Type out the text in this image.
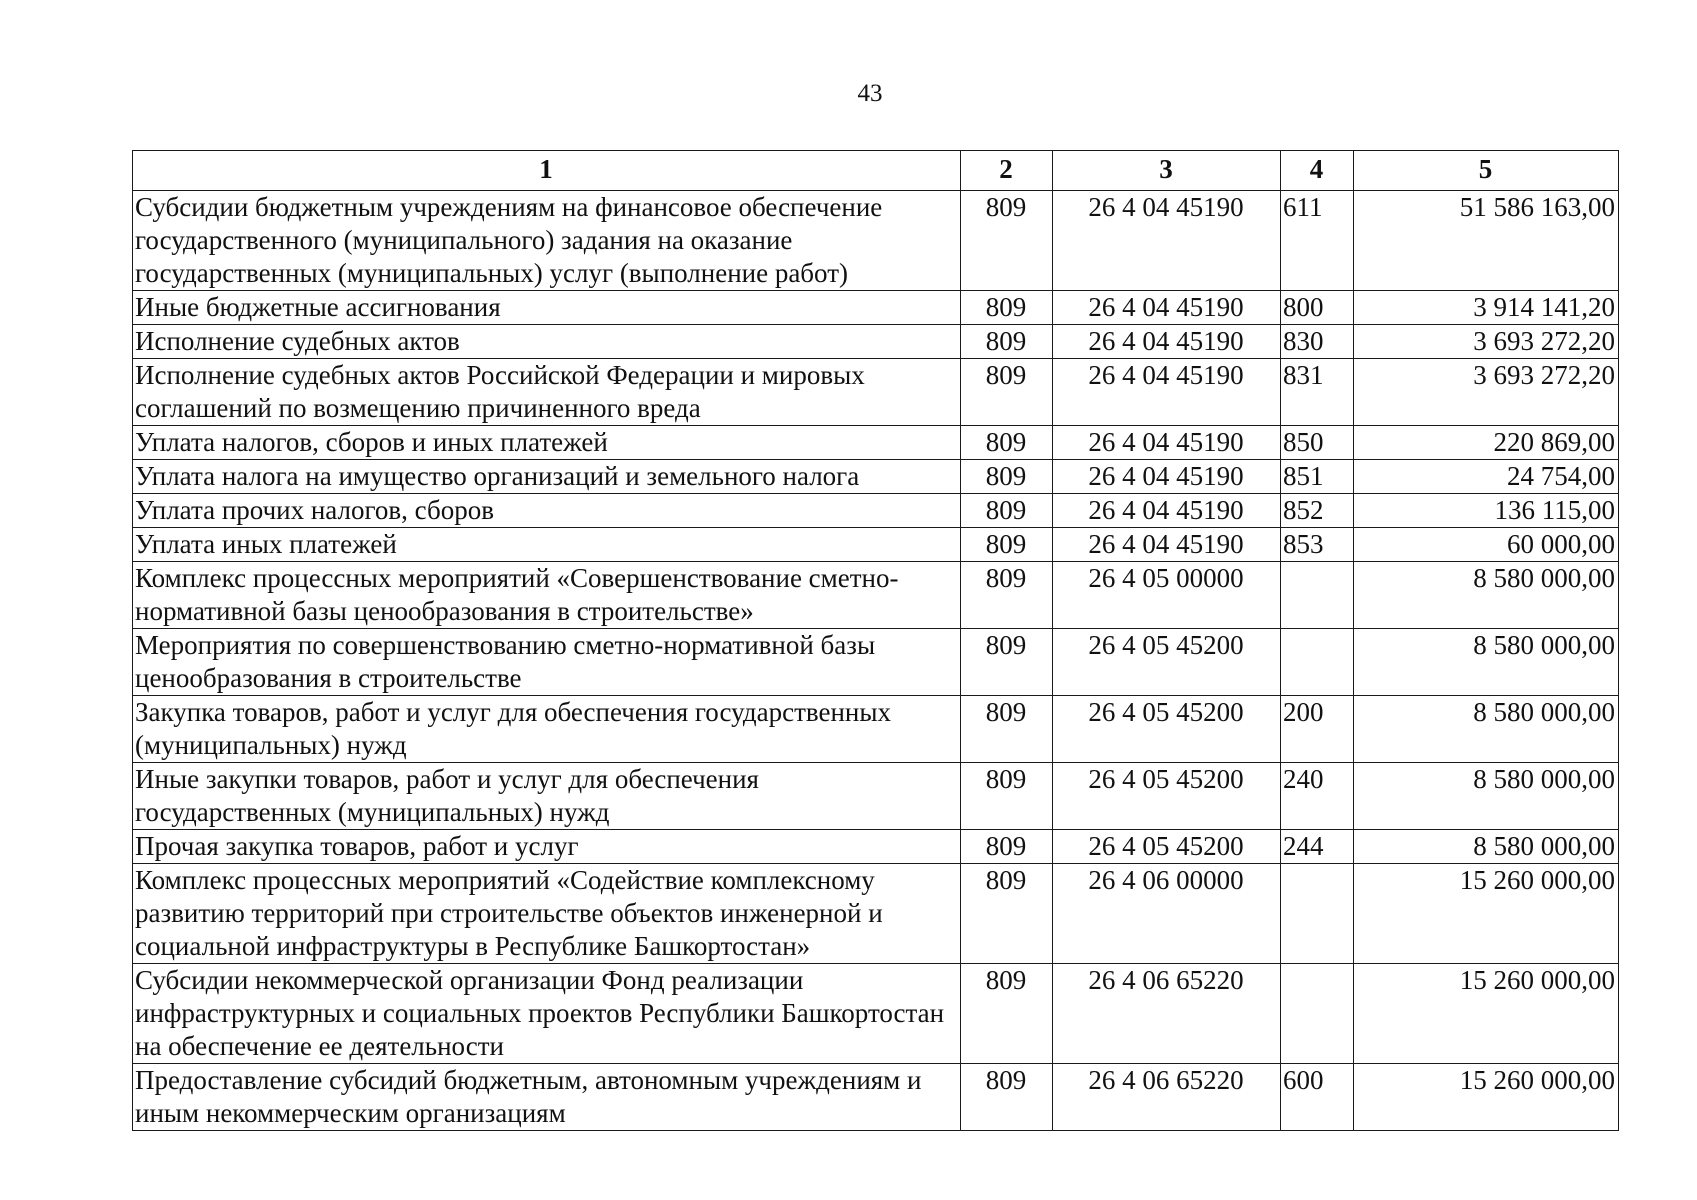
43
1	2	3	4	5
Субсидии бюджетным учреждениям на финансовое обеспечение государственного (муниципального) задания на оказание государственных (муниципальных) услуг (выполнение работ)	809	26 4 04 45190	611	51 586 163,00
Иные бюджетные ассигнования	809	26 4 04 45190	800	3 914 141,20
Исполнение судебных актов	809	26 4 04 45190	830	3 693 272,20
Исполнение судебных актов Российской Федерации и мировых соглашений по возмещению причиненного вреда	809	26 4 04 45190	831	3 693 272,20
Уплата налогов, сборов и иных платежей	809	26 4 04 45190	850	220 869,00
Уплата налога на имущество организаций и земельного налога	809	26 4 04 45190	851	24 754,00
Уплата прочих налогов, сборов	809	26 4 04 45190	852	136 115,00
Уплата иных платежей	809	26 4 04 45190	853	60 000,00
Комплекс процессных мероприятий «Совершенствование сметно-нормативной базы ценообразования в строительстве»	809	26 4 05 00000		8 580 000,00
Мероприятия по совершенствованию сметно-нормативной базы ценообразования в строительстве	809	26 4 05 45200		8 580 000,00
Закупка товаров, работ и услуг для обеспечения государственных (муниципальных) нужд	809	26 4 05 45200	200	8 580 000,00
Иные закупки товаров, работ и услуг для обеспечения государственных (муниципальных) нужд	809	26 4 05 45200	240	8 580 000,00
Прочая закупка товаров, работ и услуг	809	26 4 05 45200	244	8 580 000,00
Комплекс процессных мероприятий «Содействие комплексному развитию территорий при строительстве объектов инженерной и социальной инфраструктуры в Республике Башкортостан»	809	26 4 06 00000		15 260 000,00
Субсидии некоммерческой организации Фонд реализации инфраструктурных и социальных проектов Республики Башкортостан на обеспечение ее деятельности	809	26 4 06 65220		15 260 000,00
Предоставление субсидий бюджетным, автономным учреждениям и иным некоммерческим организациям	809	26 4 06 65220	600	15 260 000,00
